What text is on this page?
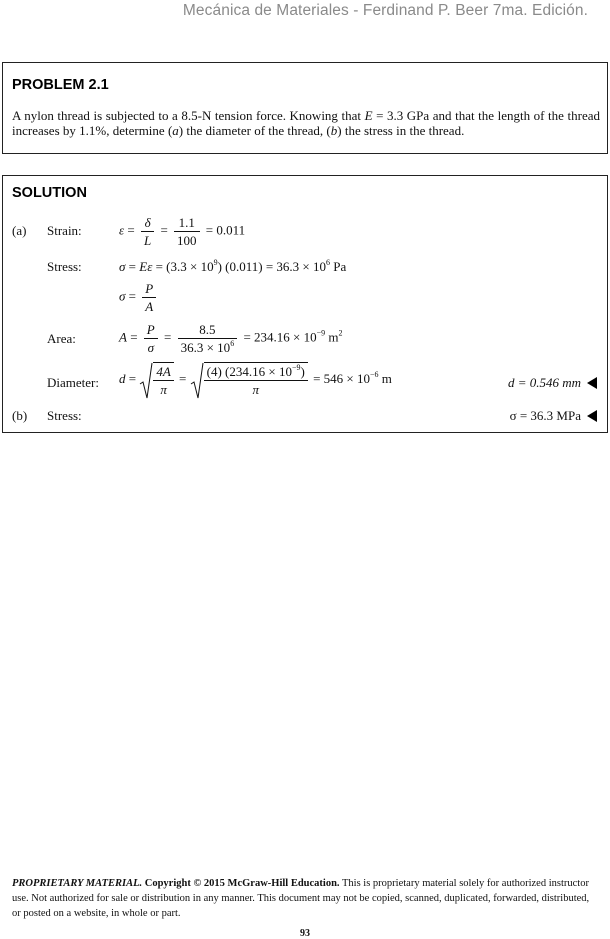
Mecánica de Materiales - Ferdinand P. Beer 7ma. Edición.
PROBLEM 2.1
A nylon thread is subjected to a 8.5-N tension force. Knowing that E = 3.3 GPa and that the length of the thread increases by 1.1%, determine (a) the diameter of the thread, (b) the stress in the thread.
SOLUTION
(a) Strain:	$\varepsilon = \frac{\delta}{L} = \frac{1.1}{100} = 0.011$
Stress:	$\sigma = E\varepsilon = (3.3 \times 10^9)$ $(0.011) = 36.3 \times 10^6$ Pa
$\sigma = \frac{P}{A}$
Area:	$A = \frac{P}{\sigma} = \frac{8.5}{36.3 \times 10^6} = 234.16 \times 10^{-9}$ $m^2$
Diameter: $d = \frac{4A}{\pi} = \frac{(4) (234.16 \times 10^{-9})}{\pi} = 546 \times 10^{-6}$ m	d = 0.546 mm
(b) Stress:	σ = 36.3 MPa
PROPRIETARY MATERIAL. Copyright © 2015 McGraw-Hill Education. This is proprietary material solely for authorized instructor use. Not authorized for sale or distribution in any manner. This document may not be copied, scanned, duplicated, forwarded, distributed, or posted on a website, in whole or part.
93
